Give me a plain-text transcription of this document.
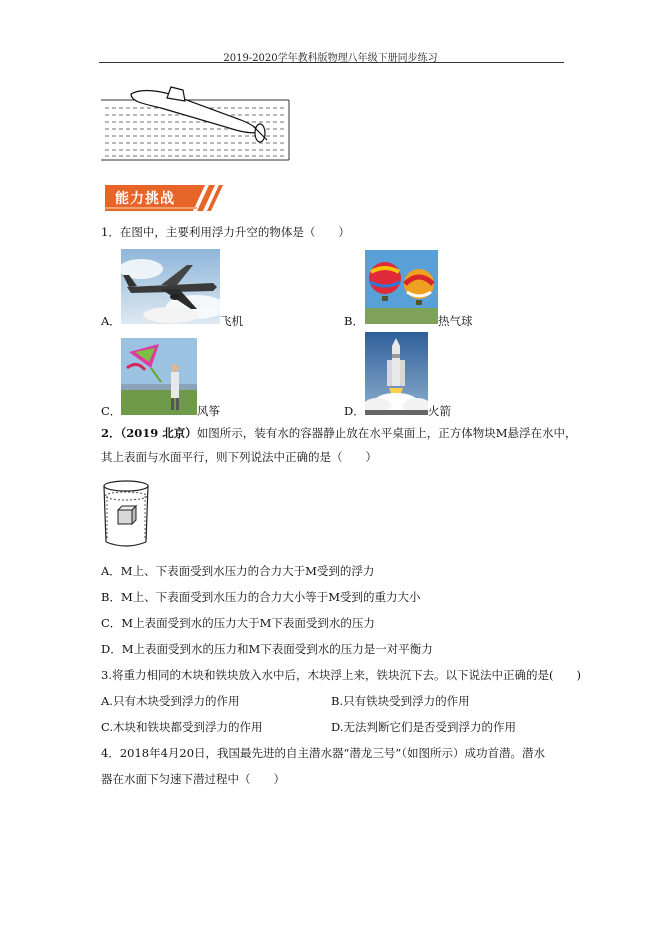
2019-2020学年教科版物理八年级下册同步练习
能力挑战
1．在图中，主要利用浮力升空的物体是（　　）
A．	飞机	B．	热气球
C．	风筝	D．	火箭
2．（2019 北京）如图所示，装有水的容器静止放在水平桌面上，正方体物块M悬浮在水中，
其上表面与水面平行，则下列说法中正确的是（　　）
A．M上、下表面受到水压力的合力大于M受到的浮力
B．M上、下表面受到水压力的合力大小等于M受到的重力大小
C．M上表面受到水的压力大于M下表面受到水的压力
D．M上表面受到水的压力和M下表面受到水的压力是一对平衡力
3.将重力相同的木块和铁块放入水中后，木块浮上来，铁块沉下去。以下说法中正确的是(　　)
A.只有木块受到浮力的作用	B.只有铁块受到浮力的作用
C.木块和铁块都受到浮力的作用	D.无法判断它们是否受到浮力的作用
4．2018年4月20日，我国最先进的自主潜水器“潜龙三号”（如图所示）成功首潜。潜水
器在水面下匀速下潜过程中（　　）
